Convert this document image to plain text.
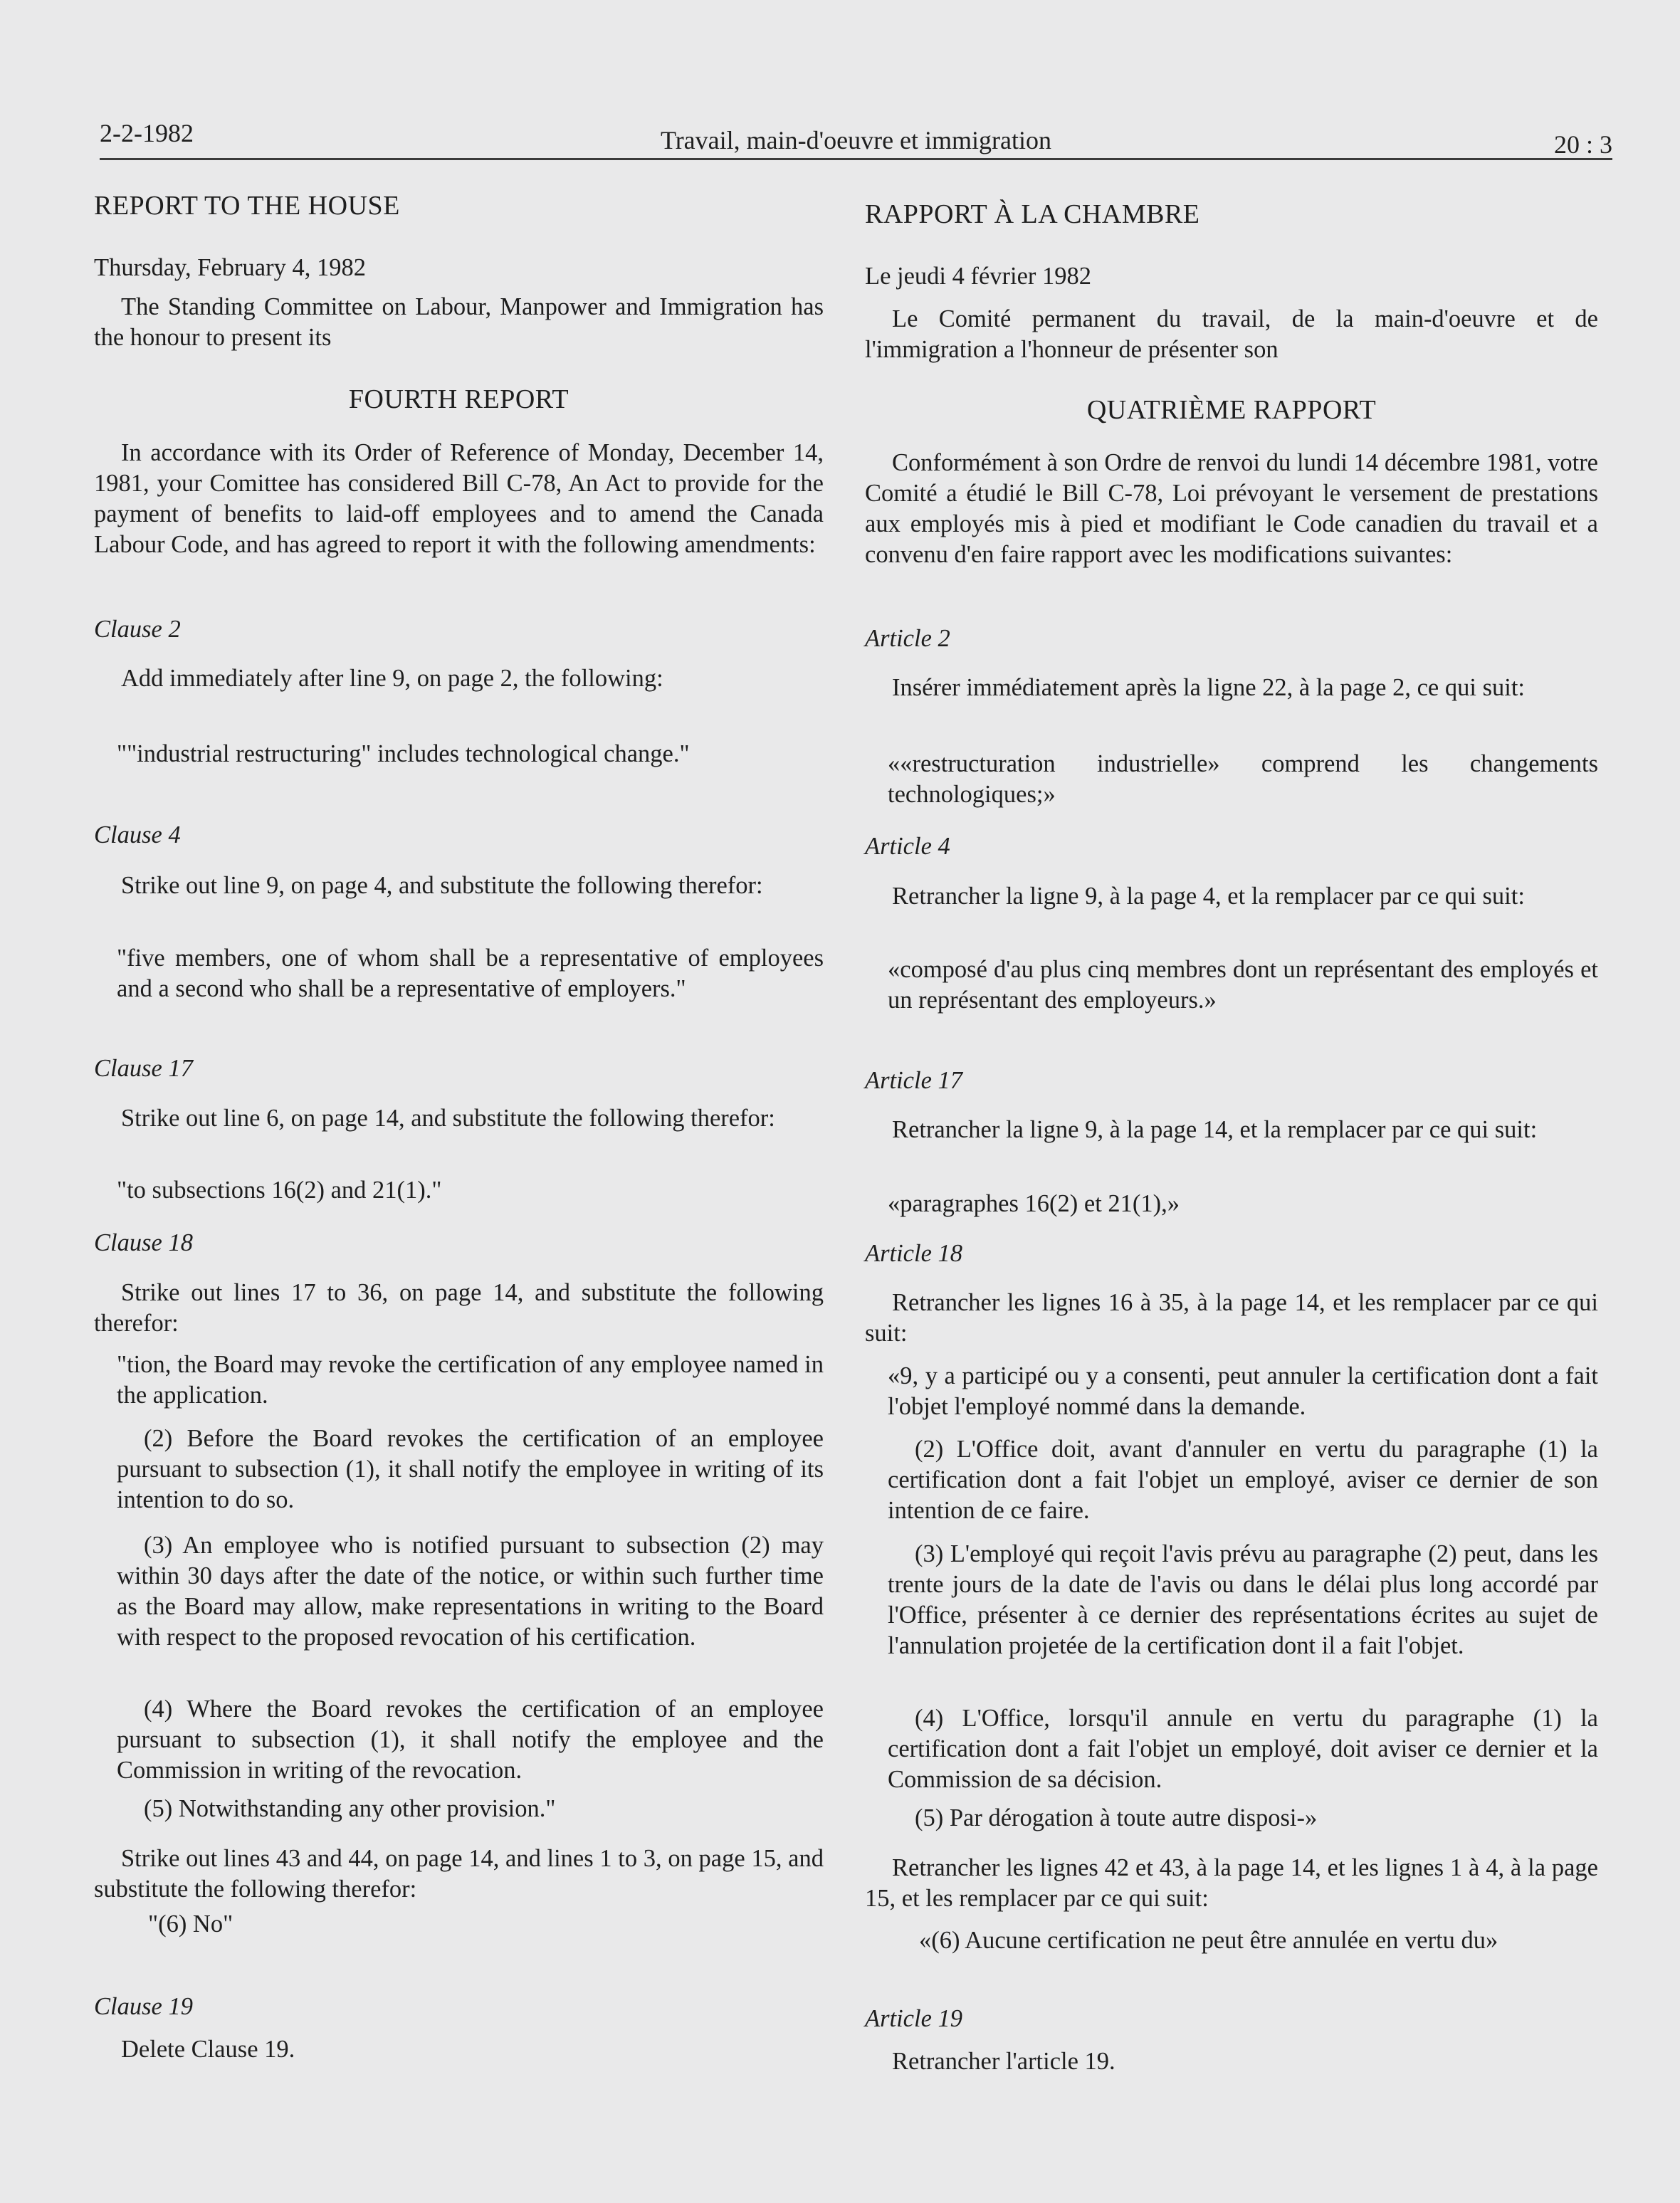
2-2-1982	Travail, main-d'oeuvre et immigration	20 : 3
REPORT TO THE HOUSE
Thursday, February 4, 1982
The Standing Committee on Labour, Manpower and Immigration has the honour to present its
FOURTH REPORT
In accordance with its Order of Reference of Monday, December 14, 1981, your Comittee has considered Bill C-78, An Act to provide for the payment of benefits to laid-off employees and to amend the Canada Labour Code, and has agreed to report it with the following amendments:
Clause 2
Add immediately after line 9, on page 2, the following:
""industrial restructuring" includes technological change."
Clause 4
Strike out line 9, on page 4, and substitute the following therefor:
"five members, one of whom shall be a representative of employees and a second who shall be a representative of employers."
Clause 17
Strike out line 6, on page 14, and substitute the following therefor:
"to subsections 16(2) and 21(1)."
Clause 18
Strike out lines 17 to 36, on page 14, and substitute the following therefor:
"tion, the Board may revoke the certification of any employee named in the application.
(2) Before the Board revokes the certification of an employee pursuant to subsection (1), it shall notify the employee in writing of its intention to do so.
(3) An employee who is notified pursuant to subsection (2) may within 30 days after the date of the notice, or within such further time as the Board may allow, make representations in writing to the Board with respect to the proposed revocation of his certification.
(4) Where the Board revokes the certification of an employee pursuant to subsection (1), it shall notify the employee and the Commission in writing of the revocation.
(5) Notwithstanding any other provision."
Strike out lines 43 and 44, on page 14, and lines 1 to 3, on page 15, and substitute the following therefor:
"(6) No"
Clause 19
Delete Clause 19.
RAPPORT À LA CHAMBRE
Le jeudi 4 février 1982
Le Comité permanent du travail, de la main-d'oeuvre et de l'immigration a l'honneur de présenter son
QUATRIÈME RAPPORT
Conformément à son Ordre de renvoi du lundi 14 décembre 1981, votre Comité a étudié le Bill C-78, Loi prévoyant le versement de prestations aux employés mis à pied et modifiant le Code canadien du travail et a convenu d'en faire rapport avec les modifications suivantes:
Article 2
Insérer immédiatement après la ligne 22, à la page 2, ce qui suit:
««restructuration industrielle» comprend les changements technologiques;»
Article 4
Retrancher la ligne 9, à la page 4, et la remplacer par ce qui suit:
«composé d'au plus cinq membres dont un représentant des employés et un représentant des employeurs.»
Article 17
Retrancher la ligne 9, à la page 14, et la remplacer par ce qui suit:
«paragraphes 16(2) et 21(1),»
Article 18
Retrancher les lignes 16 à 35, à la page 14, et les remplacer par ce qui suit:
«9, y a participé ou y a consenti, peut annuler la certification dont a fait l'objet l'employé nommé dans la demande.
(2) L'Office doit, avant d'annuler en vertu du paragraphe (1) la certification dont a fait l'objet un employé, aviser ce dernier de son intention de ce faire.
(3) L'employé qui reçoit l'avis prévu au paragraphe (2) peut, dans les trente jours de la date de l'avis ou dans le délai plus long accordé par l'Office, présenter à ce dernier des représentations écrites au sujet de l'annulation projetée de la certification dont il a fait l'objet.
(4) L'Office, lorsqu'il annule en vertu du paragraphe (1) la certification dont a fait l'objet un employé, doit aviser ce dernier et la Commission de sa décision.
(5) Par dérogation à toute autre disposi-»
Retrancher les lignes 42 et 43, à la page 14, et les lignes 1 à 4, à la page 15, et les remplacer par ce qui suit:
«(6) Aucune certification ne peut être annulée en vertu du»
Article 19
Retrancher l'article 19.
